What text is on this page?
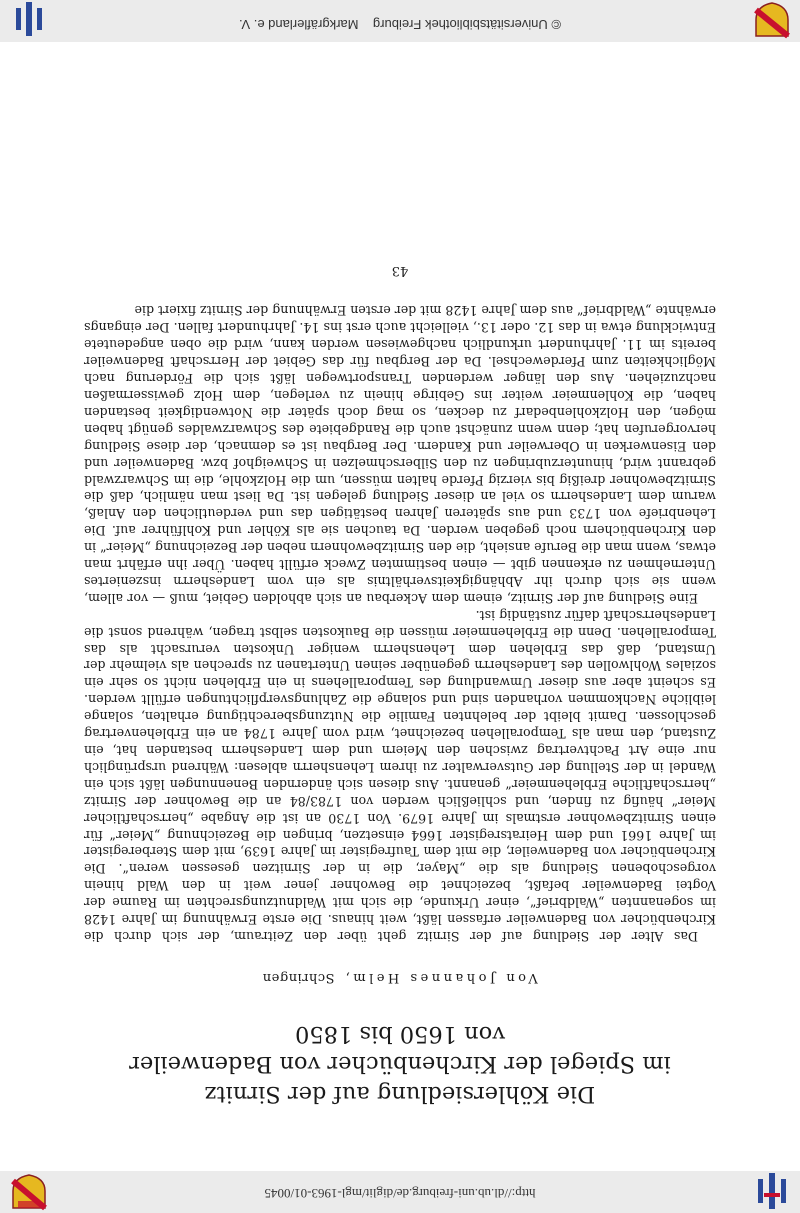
http://dl.ub.uni-freiburg.de/diglit/mgl-1963-01/0045

Die Köhlersiedlung auf der Sirnitz

im Spiegel der Kirchenbücher von Badenweiler

von 1650 bis 1850

Von Johannes Helm, Schringen

Das Alter der Siedlung auf der Sirnitz geht über den Zeitraum, der sich durch die Kirchenbücher von Badenweiler erfassen läßt, weit hinaus. Die erste Erwähnung im Jahre 1428 im sogenannten „Waldbrief“, einer Urkunde, die sich mit Waldnutzungsrechten im Raume der Vogtei Badenweiler befaßt, bezeichnet die Bewohner jener weit in den Wald hinein vorgeschobenen Siedlung als die „Mayer, die in der Sirnitzen gesessen weren“. Die Kirchenbücher von Badenweiler, die mit dem Taufregister im Jahre 1639, mit dem Sterberegister im Jahre 1661 und dem Heiratsregister 1664 einsetzen, bringen die Bezeichnung „Meier“ für einen Sirnitzbewohner erstmals im Jahre 1679. Von 1730 an ist die Angabe „herrschaftlicher Meier“ häufig zu finden, und schließlich werden von 1783/84 an die Bewohner der Sirnitz „herrschaftliche Erblehenmeier“ genannt. Aus diesen sich ändernden Benennungen läßt sich ein Wandel in der Stellung der Gutsverwalter zu ihrem Lehensherrn ablesen: Während ursprünglich nur eine Art Pachtvertrag zwischen den Meiern und dem Landesherrn bestanden hat, ein Zustand, den man als Temporallehen bezeichnet, wird vom Jahre 1784 an ein Erblehenvertrag geschlossen. Damit bleibt der belehnten Familie die Nutzungsberechtigung erhalten, solange leibliche Nachkommen vorhanden sind und solange die Zahlungsverpflichtungen erfüllt werden. Es scheint aber aus dieser Umwandlung des Temporallehens in ein Erblehen nicht so sehr ein soziales Wohlwollen des Landesherrn gegenüber seinen Untertanen zu sprechen als vielmehr der Umstand, daß das Erblehen dem Lehensherrn weniger Unkosten verursacht als das Temporallehen. Denn die Erblehenmeier müssen die Baukosten selbst tragen, während sonst die Landesherrschaft dafür zuständig ist.

Eine Siedlung auf der Sirnitz, einem dem Ackerbau an sich abholden Gebiet, muß — vor allem, wenn sie sich durch ihr Abhängigkeitsverhältnis als ein vom Landesherrn inszeniertes Unternehmen zu erkennen gibt — einen bestimmten Zweck erfüllt haben. Über ihn erfährt man etwas, wenn man die Berufe ansieht, die den Sirnitzbewohnern neben der Bezeichnung „Meier“ in den Kirchenbüchern noch gegeben werden. Da tauchen sie als Köhler und Kohlführer auf. Die Lehenbriefe von 1733 und aus späteren Jahren bestätigen das und verdeutlichen den Anlaß, warum dem Landesherrn so viel an dieser Siedlung gelegen ist. Da liest man nämlich, daß die Sirnitzbewohner dreißig bis vierzig Pferde halten müssen, um die Holzkohle, die im Schwarzwald gebrannt wird, hinunterzubringen zu den Silberschmelzen in Schweighof bzw. Badenweiler und den Eisenwerken in Oberweiler und Kandern. Der Bergbau ist es demnach, der diese Siedlung hervorgerufen hat; denn wenn zunächst auch die Randgebiete des Schwarzwaldes genügt haben mögen, den Holzkohlenbedarf zu decken, so mag doch später die Notwendigkeit bestanden haben, die Kohlenmeier weiter ins Gebirge hinein zu verlegen, dem Holz gewissermaßen nachzuziehen. Aus den länger werdenden Transportwegen läßt sich die Förderung nach Möglichkeiten zum Pferdewechsel. Da der Bergbau für das Gebiet der Herrschaft Badenweiler bereits im 11. Jahrhundert urkundlich nachgewiesen werden kann, wird die oben angedeutete Entwicklung etwa in das 12. oder 13., vielleicht auch erst ins 14. Jahrhundert fallen. Der eingangs erwähnte „Waldbrief“ aus dem Jahre 1428 mit der ersten Erwähnung der Sirnitz fixiert die

43
© Universitätsbibliothek Freiburg    Markgräflerland e. V.
